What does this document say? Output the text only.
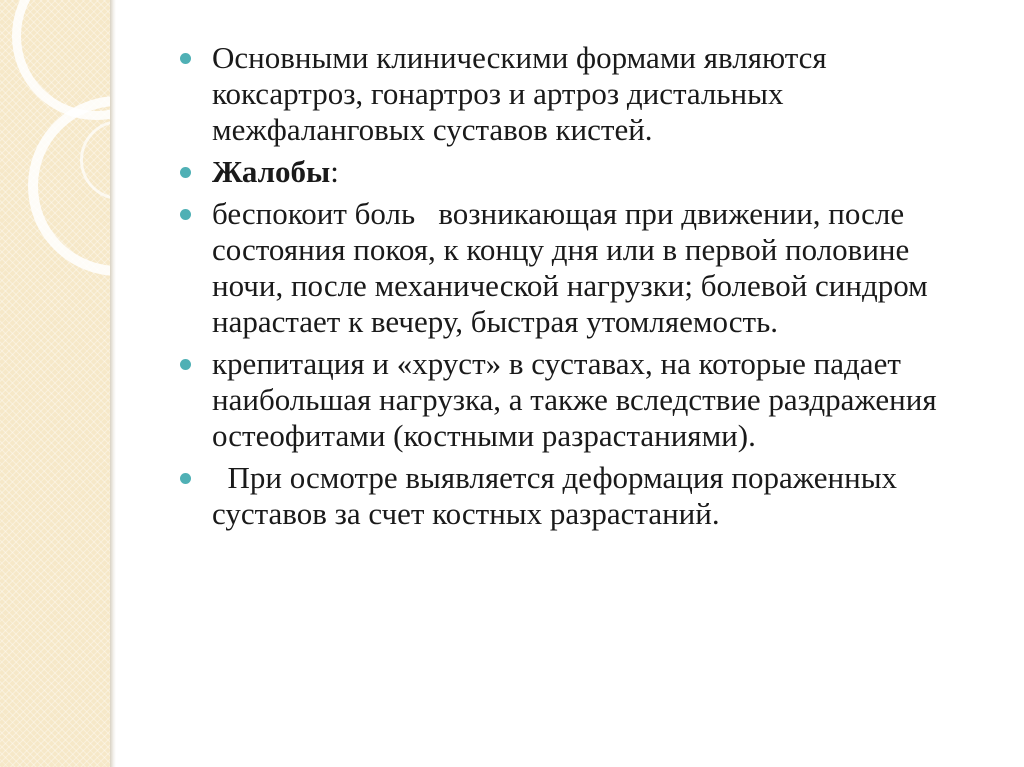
Основными клиническими формами являются коксартроз, гонартроз и артроз дистальных межфаланговых суставов кистей.
Жалобы:
беспокоит боль   возникающая при движении, после состояния покоя, к концу дня или в первой половине ночи, после механической нагрузки; болевой синдром нарастает к вечеру, быстрая утомляемость.
крепитация и «хруст» в суставах, на которые падает наибольшая нагрузка, а также вследствие раздражения  остеофитами (костными разрастаниями).
При осмотре выявляется деформация пораженных суставов за счет костных разрастаний.
